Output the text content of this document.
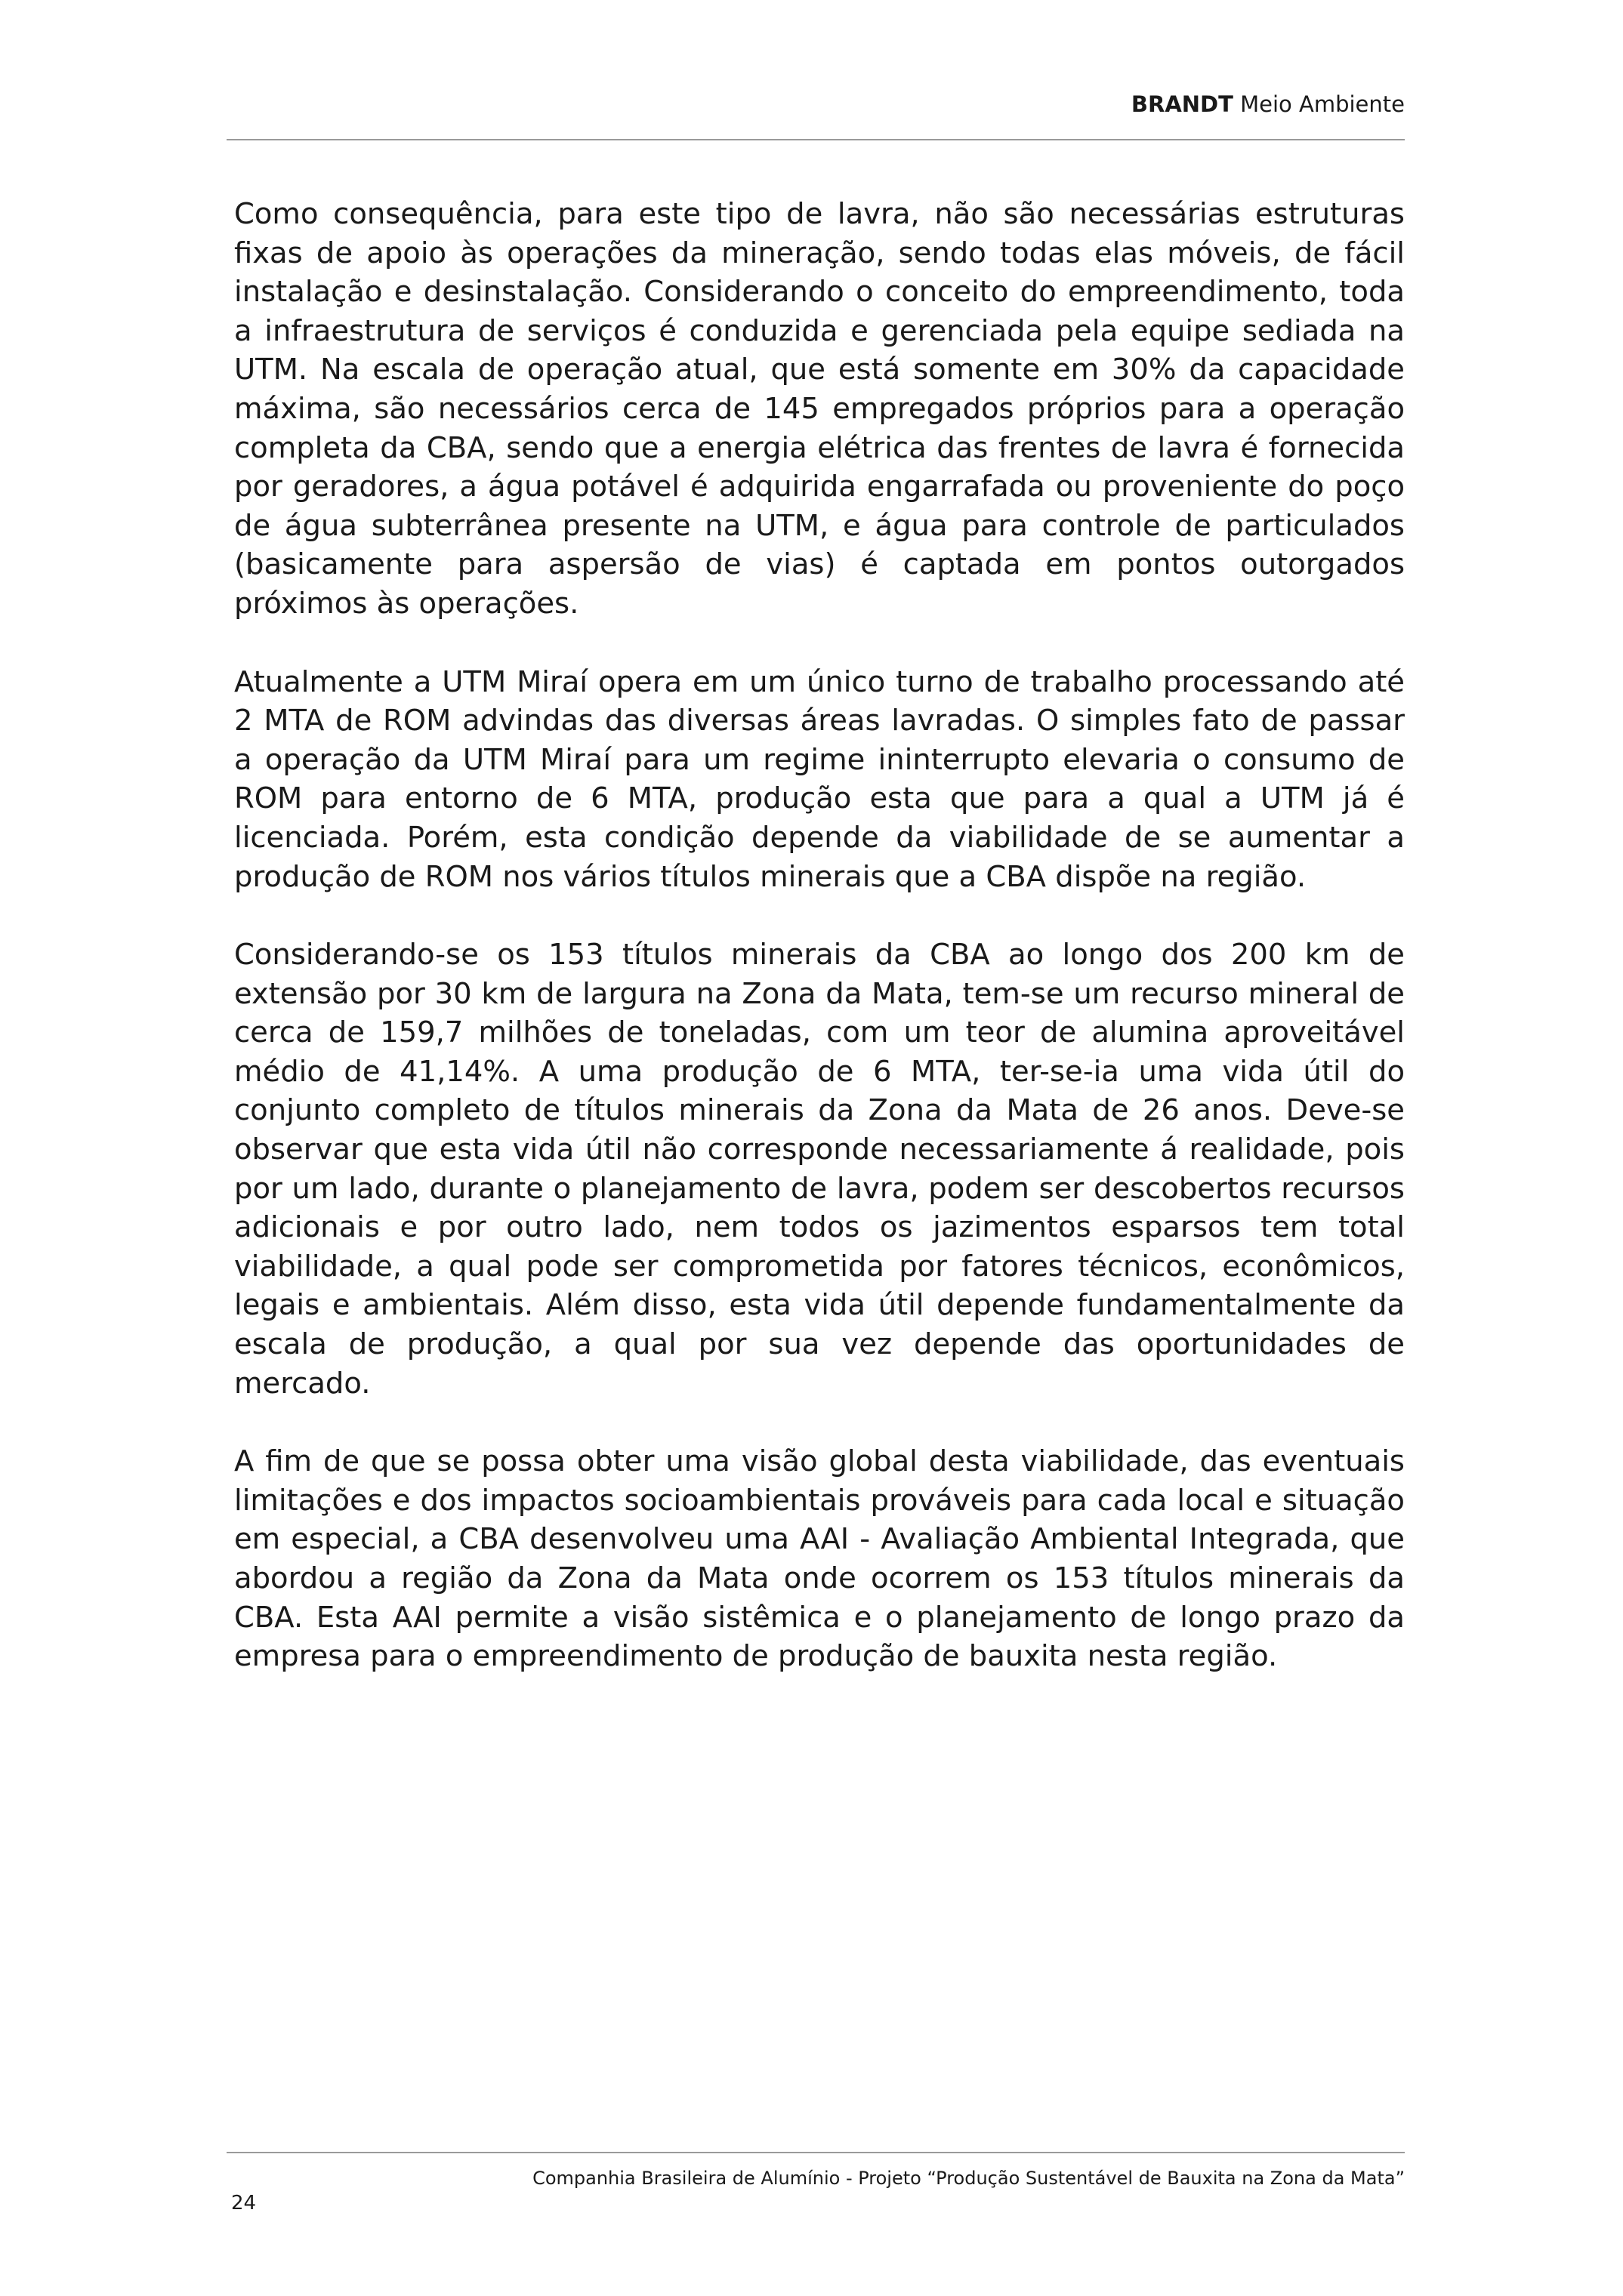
BRANDT Meio Ambiente

Como consequência, para este tipo de lavra, não são necessárias estruturas fixas de apoio às operações da mineração, sendo todas elas móveis, de fácil instalação e desinstalação. Considerando o conceito do empreendimento, toda a infraestrutura de serviços é conduzida e gerenciada pela equipe sediada na UTM. Na escala de operação atual, que está somente em 30% da capacidade máxima, são necessários cerca de 145 empregados próprios para a operação completa da CBA, sendo que a energia elétrica das frentes de lavra é fornecida por geradores, a água potável é adquirida engarrafada ou proveniente do poço de água subterrânea presente na UTM, e água para controle de particulados (basicamente para aspersão de vias) é captada em pontos outorgados próximos às operações.

Atualmente a UTM Miraí opera em um único turno de trabalho processando até 2 MTA de ROM advindas das diversas áreas lavradas. O simples fato de passar a operação da UTM Miraí para um regime ininterrupto elevaria o consumo de ROM para entorno de 6 MTA, produção esta que para a qual a UTM já é licenciada. Porém, esta condição depende da viabilidade de se aumentar a produção de ROM nos vários títulos minerais que a CBA dispõe na região.

Considerando-se os 153 títulos minerais da CBA ao longo dos 200 km de extensão por 30 km de largura na Zona da Mata, tem-se um recurso mineral de cerca de 159,7 milhões de toneladas, com um teor de alumina aproveitável médio de 41,14%. A uma produção de 6 MTA, ter-se-ia uma vida útil do conjunto completo de títulos minerais da Zona da Mata de 26 anos. Deve-se observar que esta vida útil não corresponde necessariamente á realidade, pois por um lado, durante o planejamento de lavra, podem ser descobertos recursos adicionais e por outro lado, nem todos os jazimentos esparsos tem total viabilidade, a qual pode ser comprometida por fatores técnicos, econômicos, legais e ambientais. Além disso, esta vida útil depende fundamentalmente da escala de produção, a qual por sua vez depende das oportunidades de mercado.

A fim de que se possa obter uma visão global desta viabilidade, das eventuais limitações e dos impactos socioambientais prováveis para cada local e situação em especial, a CBA desenvolveu uma AAI - Avaliação Ambiental Integrada, que abordou a região da Zona da Mata onde ocorrem os 153 títulos minerais da CBA. Esta AAI permite a visão sistêmica e o planejamento de longo prazo da empresa para o empreendimento de produção de bauxita nesta região.

Companhia Brasileira de Alumínio - Projeto “Produção Sustentável de Bauxita na Zona da Mata”
24
